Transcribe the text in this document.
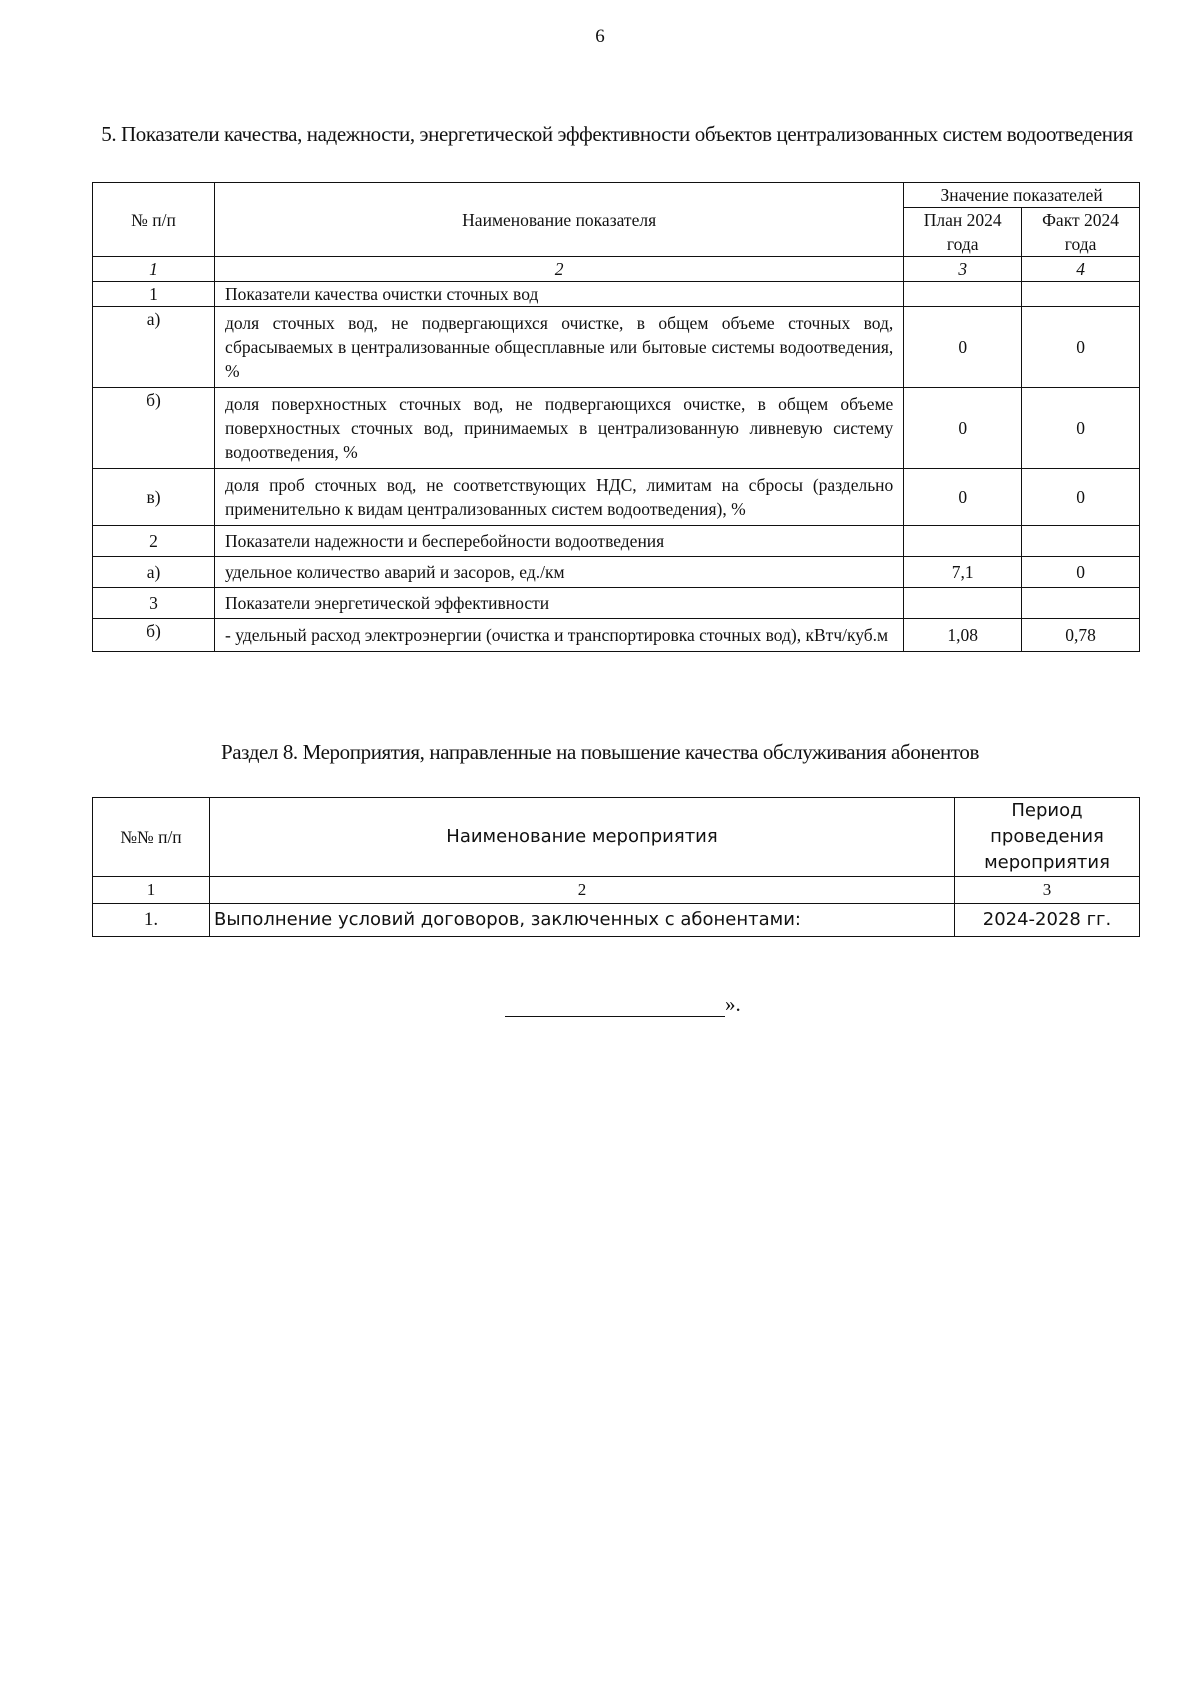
6
5. Показатели качества, надежности, энергетической эффективности объектов централизованных систем водоотведения
№ п/п	Наименование показателя	Значение показателей	
		План 2024 года	Факт 2024 года
1	2	3	4
1	Показатели качества очистки сточных вод		
а)	доля сточных вод, не подвергающихся очистке, в общем объеме сточных вод, сбрасываемых в централизованные общесплавные или бытовые системы водоотведения, %	0	0
б)	доля поверхностных сточных вод, не подвергающихся очистке, в общем объеме поверхностных сточных вод, принимаемых в централизованную ливневую систему водоотведения, %	0	0
в)	доля проб сточных вод, не соответствующих НДС, лимитам на сбросы (раздельно применительно к видам централизованных систем водоотведения), %	0	0
2	Показатели надежности и бесперебойности водоотведения		
а)	удельное количество аварий и засоров, ед./км	7,1	0
3	Показатели энергетической эффективности		
б)	- удельный расход электроэнергии (очистка и транспортировка сточных вод), кВтч/куб.м	1,08	0,78
Раздел 8. Мероприятия, направленные на повышение качества обслуживания абонентов
№№ п/п	Наименование мероприятия	Период проведения мероприятия
1	2	3
1.	Выполнение условий договоров, заключенных с абонентами:	2024-2028 гг.
».
